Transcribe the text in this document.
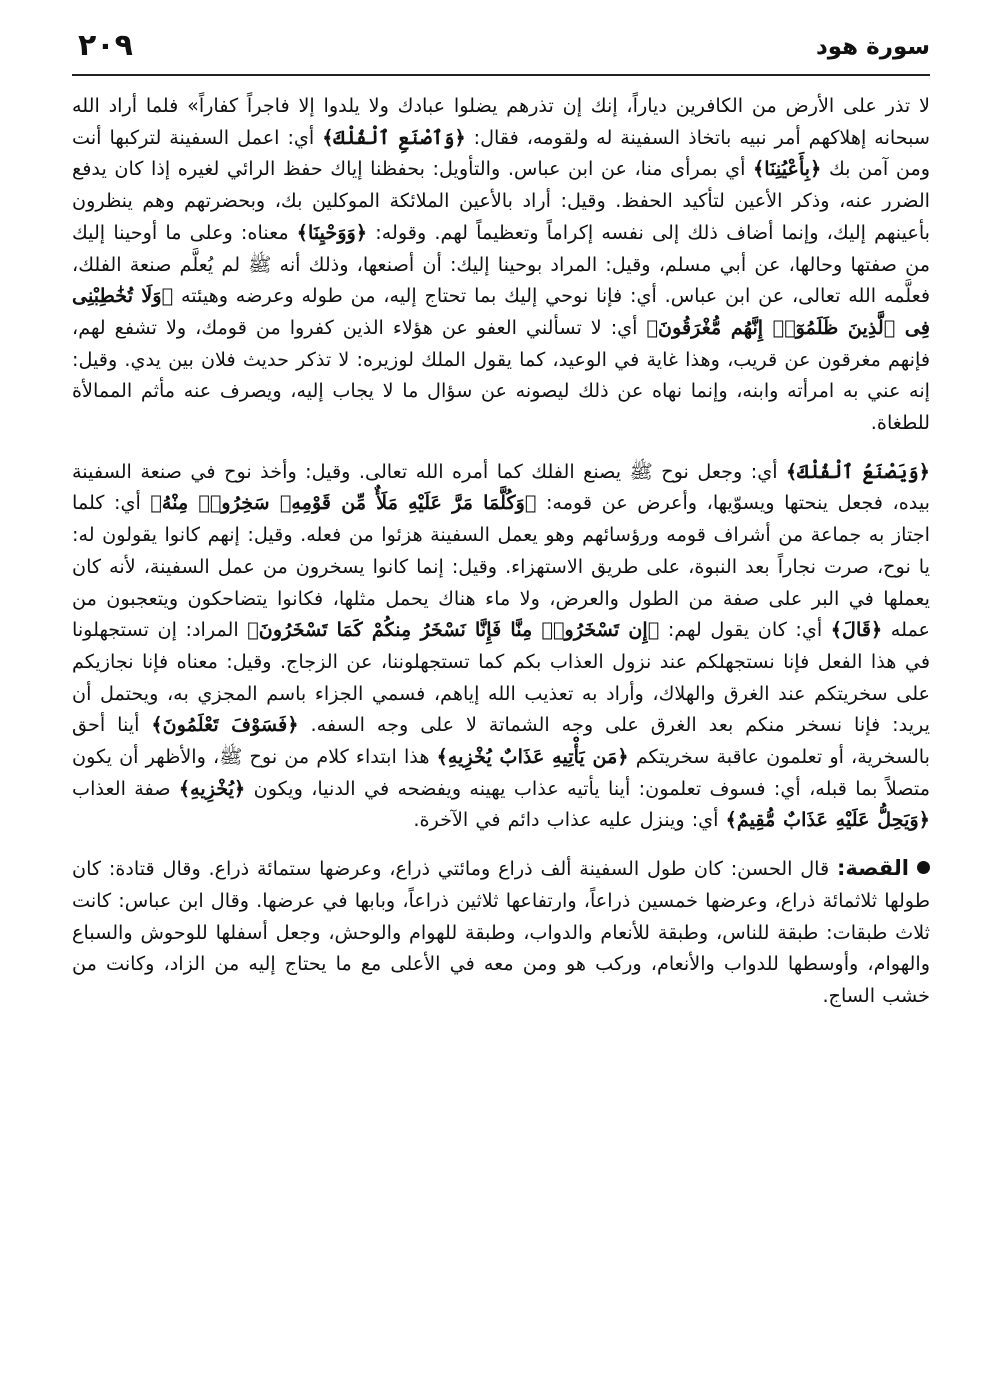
سورة هود
٢٠٩

لا تذر على الأرض من الكافرين دياراً، إنك إن تذرهم يضلوا عبادك ولا يلدوا إلا فاجراً كفاراً» فلما أراد الله سبحانه إهلاكهم أمر نبيه باتخاذ السفينة له ولقومه، فقال: ﴿وَٱصْنَعِ ٱلْفُلْكَ﴾ أي: اعمل السفينة لتركبها أنت ومن آمن بك ﴿بِأَعْيُنِنَا﴾ أي بمرأى منا، عن ابن عباس. والتأويل: بحفظنا إياك حفظ الرائي لغيره إذا كان يدفع الضرر عنه، وذكر الأعين لتأكيد الحفظ. وقيل: أراد بالأعين الملائكة الموكلين بك، وبحضرتهم وهم ينظرون بأعينهم إليك، وإنما أضاف ذلك إلى نفسه إكراماً وتعظيماً لهم. وقوله: ﴿وَوَحْيِنَا﴾ معناه: وعلى ما أوحينا إليك من صفتها وحالها، عن أبي مسلم، وقيل: المراد بوحينا إليك: أن أصنعها، وذلك أنه ﷺ لم يُعلَّم صنعة الفلك، فعلَّمه الله تعالى، عن ابن عباس. أي: فإنا نوحي إليك بما تحتاج إليه، من طوله وعرضه وهيئته ﴿وَلَا تُخَٰطِبْنِى فِى ٱلَّذِينَ ظَلَمُوٓا۟ إِنَّهُم مُّغْرَقُونَ﴾ أي: لا تسألني العفو عن هؤلاء الذين كفروا من قومك، ولا تشفع لهم، فإنهم مغرقون عن قريب، وهذا غاية في الوعيد، كما يقول الملك لوزيره: لا تذكر حديث فلان بين يدي. وقيل: إنه عني به امرأته وابنه، وإنما نهاه عن ذلك ليصونه عن سؤال ما لا يجاب إليه، ويصرف عنه مأثم الممالأة للطغاة.

﴿وَيَصْنَعُ ٱلْفُلْكَ﴾ أي: وجعل نوح ﷺ يصنع الفلك كما أمره الله تعالى. وقيل: وأخذ نوح في صنعة السفينة بيده، فجعل ينحتها ويسوّيها، وأعرض عن قومه: ﴿وَكُلَّمَا مَرَّ عَلَيْهِ مَلَأٌ مِّن قَوْمِهِۦ سَخِرُوا۟ مِنْهُ﴾ أي: كلما اجتاز به جماعة من أشراف قومه ورؤسائهم وهو يعمل السفينة هزئوا من فعله. وقيل: إنهم كانوا يقولون له: يا نوح، صرت نجاراً بعد النبوة، على طريق الاستهزاء. وقيل: إنما كانوا يسخرون من عمل السفينة، لأنه كان يعملها في البر على صفة من الطول والعرض، ولا ماء هناك يحمل مثلها، فكانوا يتضاحكون ويتعجبون من عمله ﴿قَالَ﴾ أي: كان يقول لهم: ﴿إِن تَسْخَرُوا۟ مِنَّا فَإِنَّا نَسْخَرُ مِنكُمْ كَمَا تَسْخَرُونَ﴾ المراد: إن تستجهلونا في هذا الفعل فإنا نستجهلكم عند نزول العذاب بكم كما تستجهلوننا، عن الزجاج. وقيل: معناه فإنا نجازيكم على سخريتكم عند الغرق والهلاك، وأراد به تعذيب الله إياهم، فسمي الجزاء باسم المجزي به، ويحتمل أن يريد: فإنا نسخر منكم بعد الغرق على وجه الشماتة لا على وجه السفه. ﴿فَسَوْفَ تَعْلَمُونَ﴾ أينا أحق بالسخرية، أو تعلمون عاقبة سخريتكم ﴿مَن يَأْتِيهِ عَذَابٌ يُخْزِيهِ﴾ هذا ابتداء كلام من نوح ﷺ، والأظهر أن يكون متصلاً بما قبله، أي: فسوف تعلمون: أينا يأتيه عذاب يهينه ويفضحه في الدنيا، ويكون ﴿يُخْزِيهِ﴾ صفة العذاب ﴿وَيَحِلُّ عَلَيْهِ عَذَابٌ مُّقِيمٌ﴾ أي: وينزل عليه عذاب دائم في الآخرة.

القصة: قال الحسن: كان طول السفينة ألف ذراع ومائتي ذراع، وعرضها ستمائة ذراع. وقال قتادة: كان طولها ثلاثمائة ذراع، وعرضها خمسين ذراعاً، وارتفاعها ثلاثين ذراعاً، وبابها في عرضها. وقال ابن عباس: كانت ثلاث طبقات: طبقة للناس، وطبقة للأنعام والدواب، وطبقة للهوام والوحش، وجعل أسفلها للوحوش والسباع والهوام، وأوسطها للدواب والأنعام، وركب هو ومن معه في الأعلى مع ما يحتاج إليه من الزاد، وكانت من خشب الساج.
